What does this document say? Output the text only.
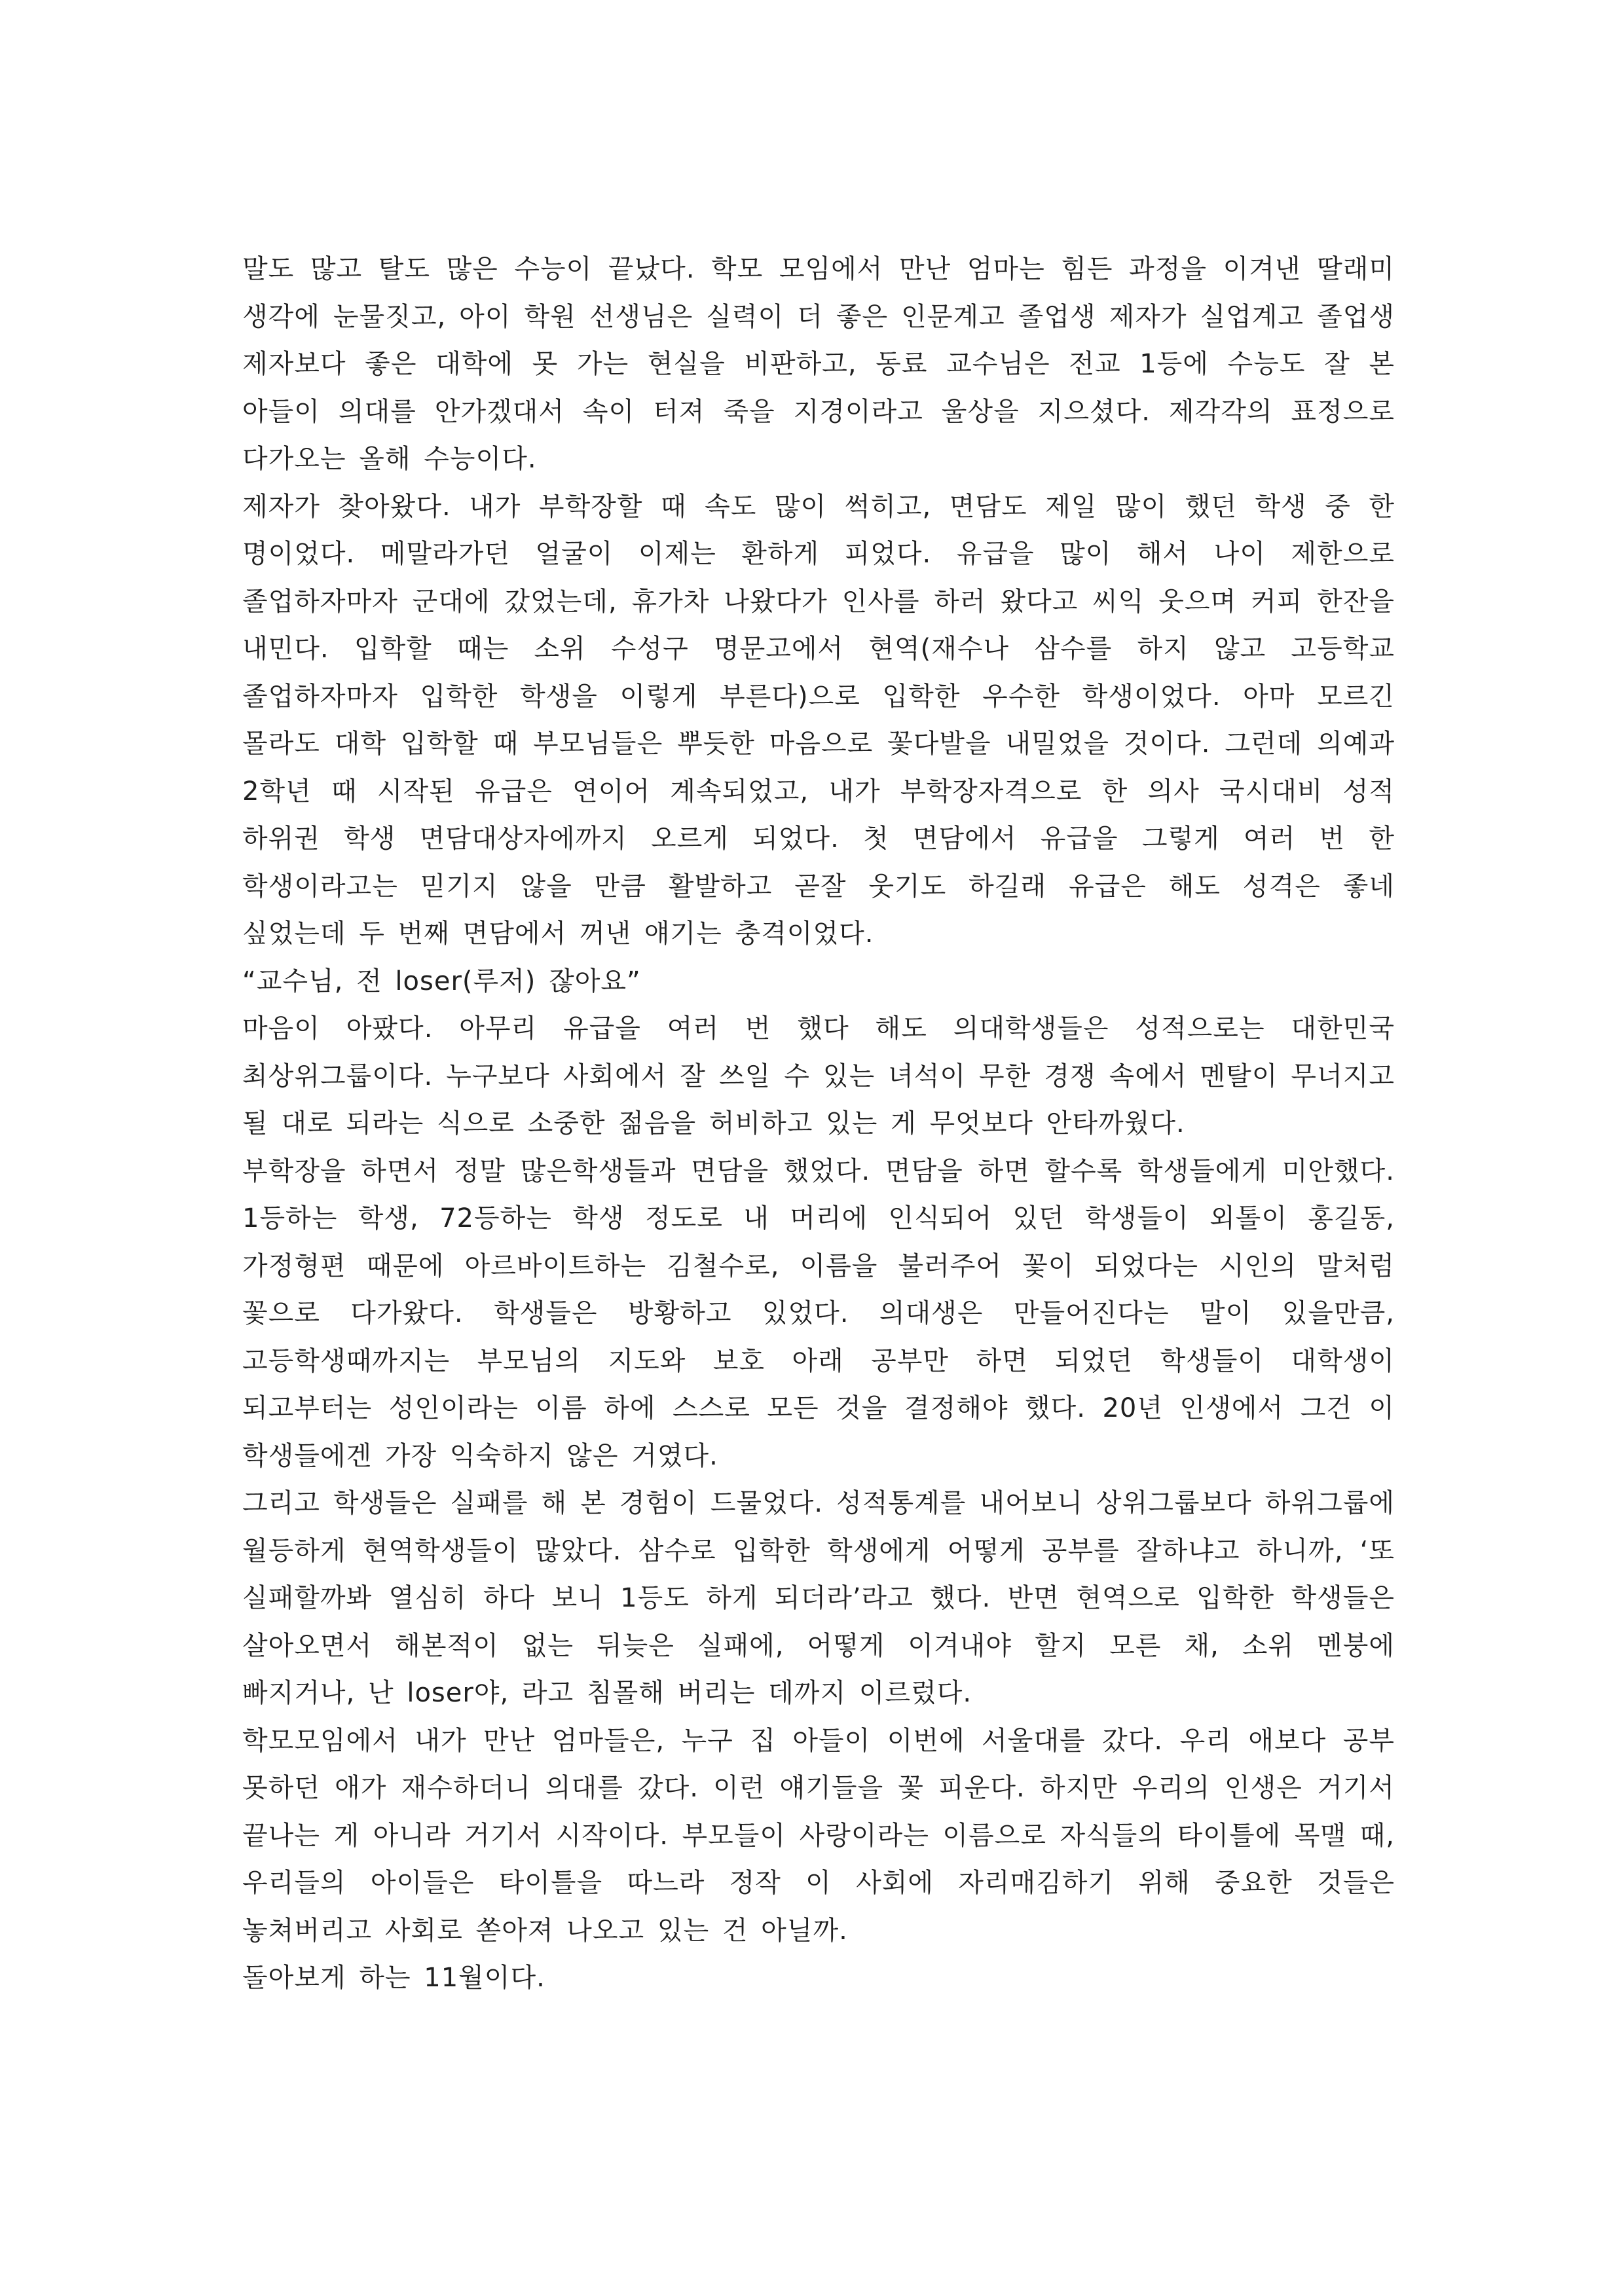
말도 많고 탈도 많은 수능이 끝났다. 학모 모임에서 만난 엄마는 힘든 과정을 이겨낸 딸래미 생각에 눈물짓고, 아이 학원 선생님은 실력이 더 좋은 인문계고 졸업생 제자가 실업계고 졸업생 제자보다 좋은 대학에 못 가는 현실을 비판하고, 동료 교수님은 전교 1등에 수능도 잘 본 아들이 의대를 안가겠대서 속이 터져 죽을 지경이라고 울상을 지으셨다. 제각각의 표정으로 다가오는 올해 수능이다.

제자가 찾아왔다. 내가 부학장할 때 속도 많이 썩히고, 면담도 제일 많이 했던 학생 중 한 명이었다. 메말라가던 얼굴이 이제는 환하게 피었다. 유급을 많이 해서 나이 제한으로 졸업하자마자 군대에 갔었는데, 휴가차 나왔다가 인사를 하러 왔다고 씨익 웃으며 커피 한잔을 내민다. 입학할 때는 소위 수성구 명문고에서 현역(재수나 삼수를 하지 않고 고등학교 졸업하자마자 입학한 학생을 이렇게 부른다)으로 입학한 우수한 학생이었다. 아마 모르긴 몰라도 대학 입학할 때 부모님들은 뿌듯한 마음으로 꽃다발을 내밀었을 것이다. 그런데 의예과 2학년 때 시작된 유급은 연이어 계속되었고, 내가 부학장자격으로 한 의사 국시대비 성적 하위권 학생 면담대상자에까지 오르게 되었다. 첫 면담에서 유급을 그렇게 여러 번 한 학생이라고는 믿기지 않을 만큼 활발하고 곧잘 웃기도 하길래 유급은 해도 성격은 좋네 싶었는데 두 번째 면담에서 꺼낸 얘기는 충격이었다.

“교수님, 전 loser(루저) 잖아요”

마음이 아팠다. 아무리 유급을 여러 번 했다 해도 의대학생들은 성적으로는 대한민국 최상위그룹이다. 누구보다 사회에서 잘 쓰일 수 있는 녀석이 무한 경쟁 속에서 멘탈이 무너지고 될 대로 되라는 식으로 소중한 젊음을 허비하고 있는 게 무엇보다 안타까웠다.

부학장을 하면서 정말 많은학생들과 면담을 했었다. 면담을 하면 할수록 학생들에게 미안했다. 1등하는 학생, 72등하는 학생 정도로 내 머리에 인식되어 있던 학생들이 외톨이 홍길동, 가정형편 때문에 아르바이트하는 김철수로, 이름을 불러주어 꽃이 되었다는 시인의 말처럼 꽃으로 다가왔다. 학생들은 방황하고 있었다. 의대생은 만들어진다는 말이 있을만큼, 고등학생때까지는 부모님의 지도와 보호 아래 공부만 하면 되었던 학생들이 대학생이 되고부터는 성인이라는 이름 하에 스스로 모든 것을 결정해야 했다. 20년 인생에서 그건 이 학생들에겐 가장 익숙하지 않은 거였다.

그리고 학생들은 실패를 해 본 경험이 드물었다. 성적통계를 내어보니 상위그룹보다 하위그룹에 월등하게 현역학생들이 많았다. 삼수로 입학한 학생에게 어떻게 공부를 잘하냐고 하니까, ‘또 실패할까봐 열심히 하다 보니 1등도 하게 되더라’라고 했다. 반면 현역으로 입학한 학생들은 살아오면서 해본적이 없는 뒤늦은 실패에, 어떻게 이겨내야 할지 모른 채, 소위 멘붕에 빠지거나, 난 loser야, 라고 침몰해 버리는 데까지 이르렀다.

학모모임에서 내가 만난 엄마들은, 누구 집 아들이 이번에 서울대를 갔다. 우리 애보다 공부 못하던 애가 재수하더니 의대를 갔다. 이런 얘기들을 꽃 피운다. 하지만 우리의 인생은 거기서 끝나는 게 아니라 거기서 시작이다. 부모들이 사랑이라는 이름으로 자식들의 타이틀에 목맬 때, 우리들의 아이들은 타이틀을 따느라 정작 이 사회에 자리매김하기 위해 중요한 것들은 놓쳐버리고 사회로 쏟아져 나오고 있는 건 아닐까.

돌아보게 하는 11월이다.
